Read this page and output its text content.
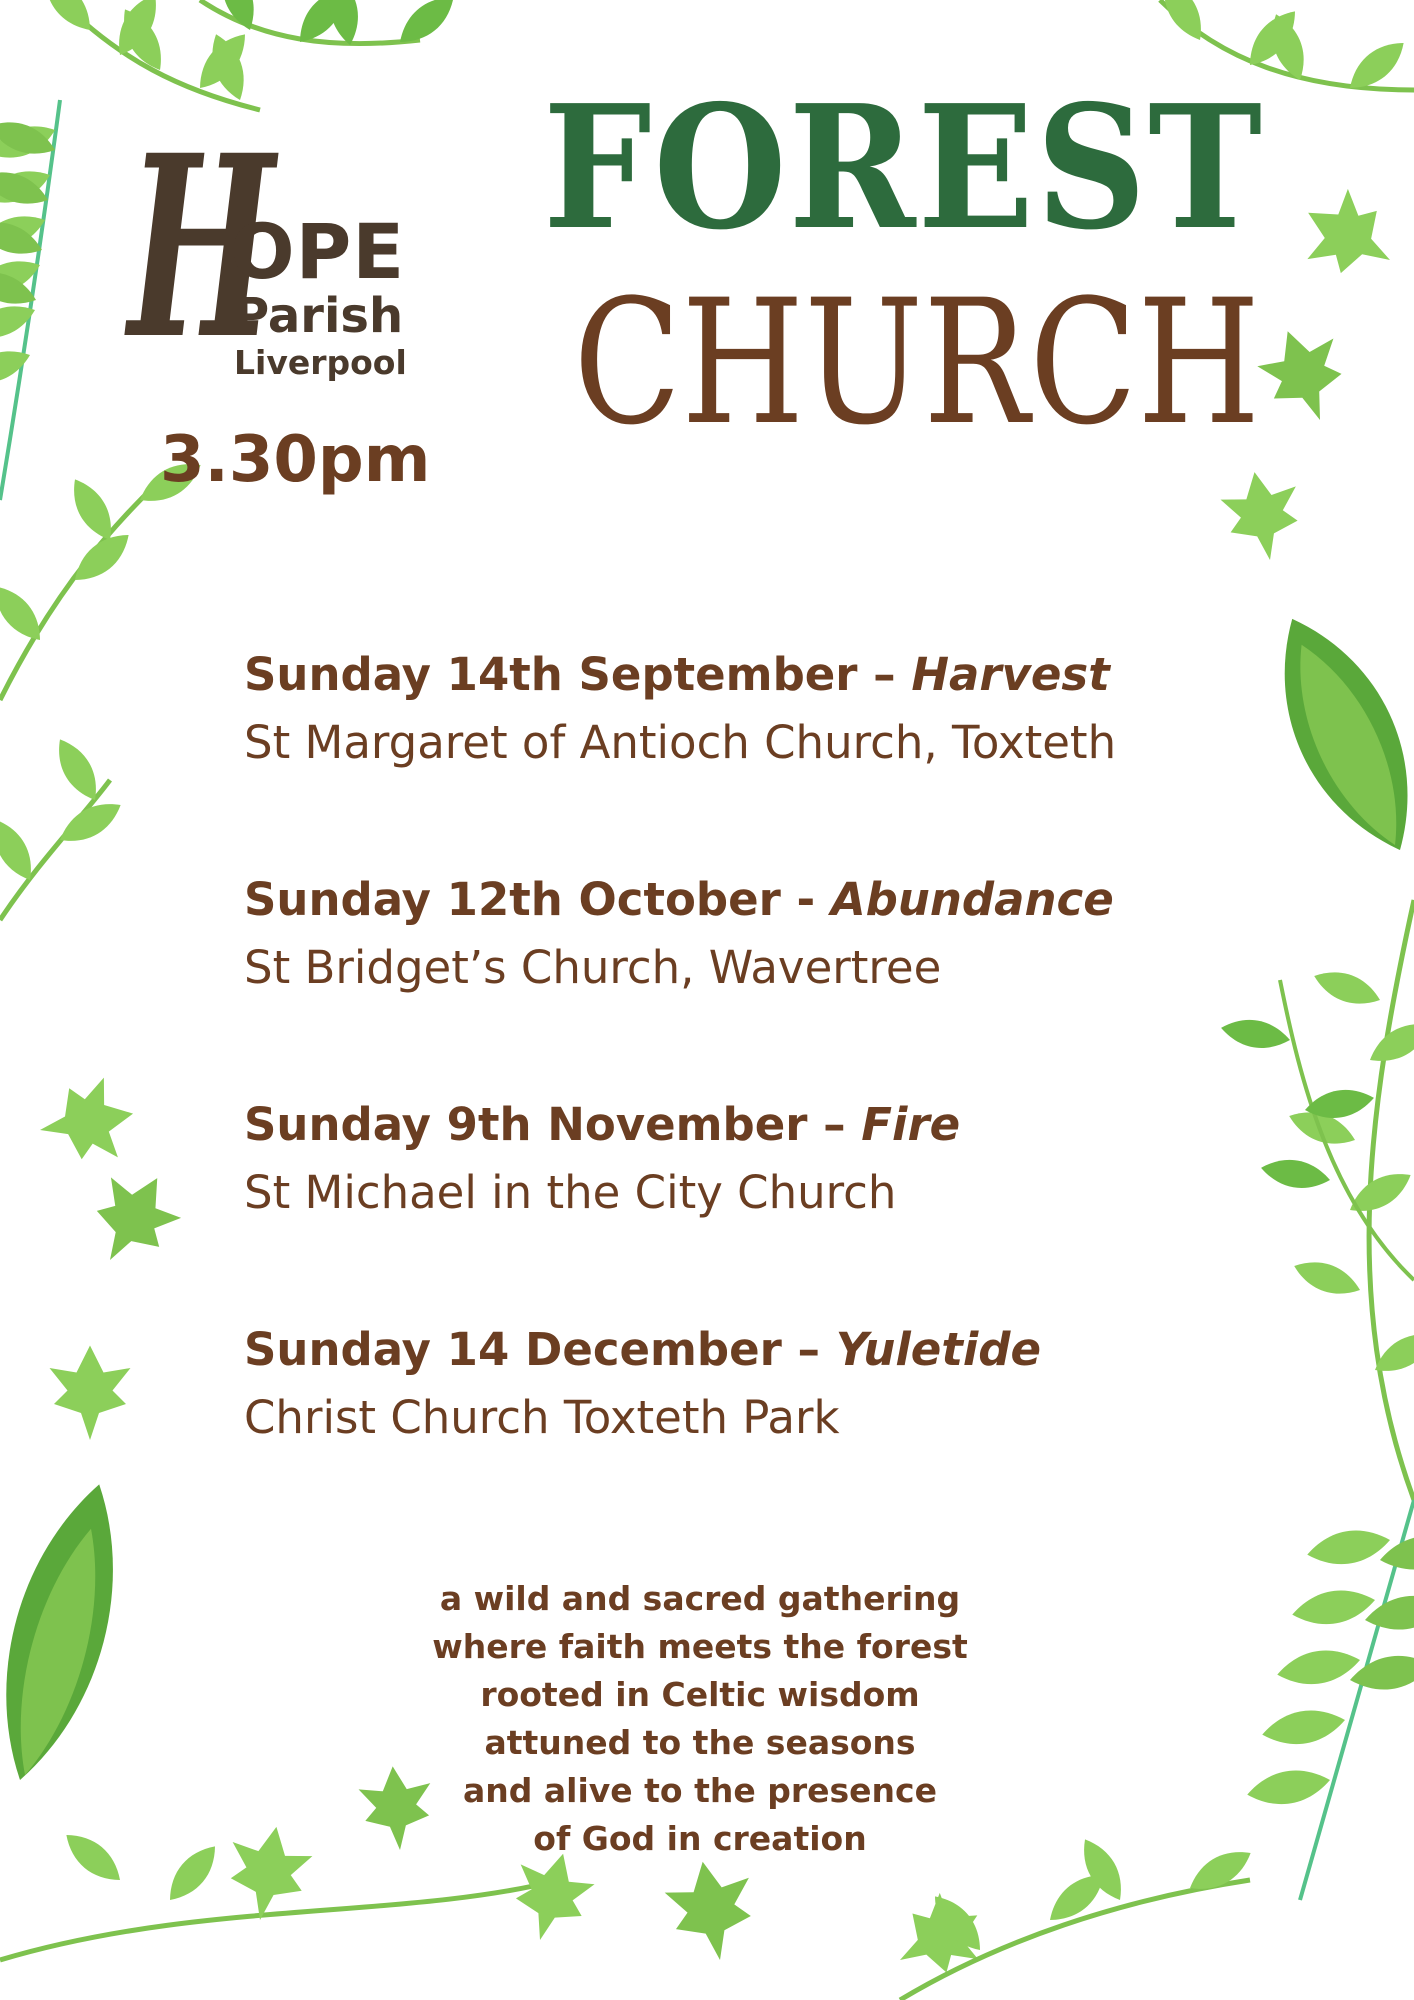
H
OPE
Parish
Liverpool
3.30pm
FOREST
CHURCH
Sunday 14th September – Harvest
St Margaret of Antioch Church, Toxteth
Sunday 12th October - Abundance
St Bridget’s Church, Wavertree
Sunday 9th November – Fire
St Michael in the City Church
Sunday 14 December – Yuletide
Christ Church Toxteth Park
a wild and sacred gathering
where faith meets the forest
rooted in Celtic wisdom
attuned to the seasons
and alive to the presence
of God in creation
